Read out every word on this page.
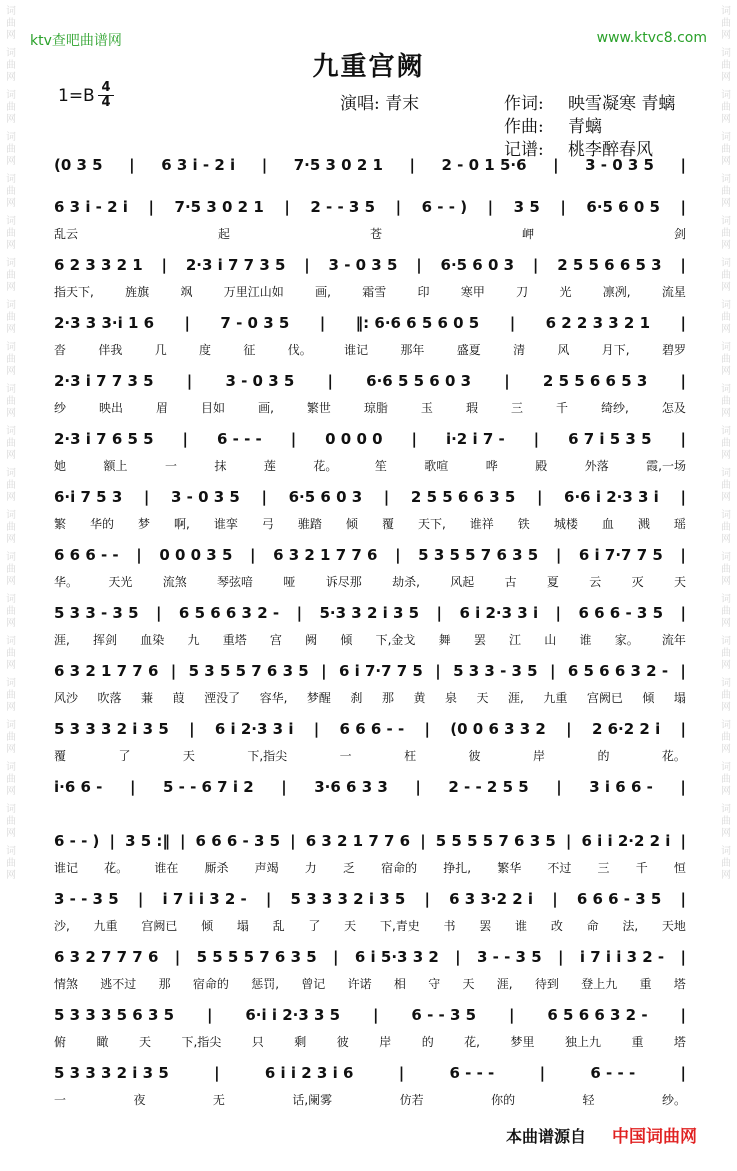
词
曲
网
词
曲
网
词
曲
网
词
曲
网
词
曲
网
词
曲
网
词
曲
网
词
曲
网
词
曲
网
词
曲
网
词
曲
网
词
曲
网
词
曲
网
词
曲
网
词
曲
网
词
曲
网
词
曲
网
词
曲
网
词
曲
网
词
曲
网
词
曲
网
词
曲
网
词
曲
网
词
曲
网
词
曲
网
词
曲
网
词
曲
网
词
曲
网
词
曲
网
词
曲
网
词
曲
网
词
曲
网
词
曲
网
词
曲
网
词
曲
网
词
曲
网
词
曲
网
词
曲
网
词
曲
网
词
曲
网
词
曲
网
词
曲
网
ktv查吧曲谱网	www.ktvc8.com
九重宫阙
1=B 4
4	演唱: 青末	作词: 映雪凝寒 青螭
作曲: 青螭
记谱: 桃李醉春风
(0 3 5 | 6 3 i - 2 i | 7·5 3 0 2 1 | 2 - 0 1 5·6 | 3 - 0 3 5 |
6 3 i - 2 i | 7·5 3 0 2 1 | 2 - - 3 5 | 6 - - ) | 3 5 | 6·5 6 0 5 |
乱云	起	苍	岬	剑
6 2 3 3 2 1 | 2·3 i 7 7 3 5 | 3 - 0 3 5 | 6·5 6 0 3 | 2 5 5 6 6 5 3 |
指天下,	旌旗	飒	万里江山如	画,	霜雪	印	寒甲	刀	光	凛冽,	流星
2·3 3 3·i 1 6 | 7 - 0 3 5 | ‖: 6·6 6 5 6 0 5 | 6 2 2 3 3 2 1 |
沓	伴我	几	度	征	伐。	谁记	那年	盛夏	清	风	月下,	碧罗
2·3 i 7 7 3 5 | 3 - 0 3 5 | 6·6 5 5 6 0 3 | 2 5 5 6 6 5 3 |
纱	映出	眉	目如	画,	繁世	琼脂	玉	瑕	三	千	绮纱,	怎及
2·3 i 7 6 5 5 | 6 - - - | 0 0 0 0 | i·2 i 7 - | 6 7 i 5 3 5 |
她	额上	一	抹	莲	花。	笙	歌喧	哗	殿	外落	霞,一场
6·i 7 5 3 | 3 - 0 3 5 | 6·5 6 0 3 | 2 5 5 6 6 3 5 | 6·6 i 2·3 3 i |
繁 华的 梦 啊, 谁挛 弓 骓踏 倾 覆 天下, 谁祥 铁 城楼 血 溅 瑶
6 6 6 - - | 0 0 0 3 5 | 6 3 2 1 7 7 6 | 5 3 5 5 7 6 3 5 | 6 i 7·7 7 5 |
华。	天光	流煞	琴弦喑	哑	诉尽那	劫杀,	风起	古	夏	云	灭	天
5 3 3 - 3 5 | 6 5 6 6 3 2 - | 5·3 3 2 i 3 5 | 6 i 2·3 3 i | 6 6 6 - 3 5 |
涯, 挥剑 血染 九 重塔 宫 阙 倾 下,金戈 舞 罢 江 山 谁 家。 流年
6 3 2 1 7 7 6 | 5 3 5 5 7 6 3 5 | 6 i 7·7 7 5 | 5 3 3 - 3 5 | 6 5 6 6 3 2 - |
风沙 吹落 蒹 葭 湮没了 容华, 梦醒 刹 那 黄 泉 天 涯, 九重 宫阙已 倾 塌
5 3 3 3 2 i 3 5 | 6 i 2·3 3 i | 6 6 6 - - | (0 0 6 3 3 2 | 2 6·2 2 i |
覆	了	天	下,指尖	一	枉	彼	岸	的	花。
i·6 6 - | 5 - - 6 7 i 2 | 3·6 6 3 3 | 2 - - 2 5 5 | 3 i 6 6 - |
6 - - ) | 3 5 :‖ | 6 6 6 - 3 5 | 6 3 2 1 7 7 6 | 5 5 5 5 7 6 3 5 | 6 i i 2·2 2 i |
谁记 花。 谁在 厮杀 声竭 力 乏 宿命的 挣扎, 繁华 不过 三 千 恒
3 - - 3 5 | i 7 i i 3 2 - | 5 3 3 3 2 i 3 5 | 6 3 3·2 2 i | 6 6 6 - 3 5 |
沙, 九重 宫阙已 倾 塌 乱 了 天 下,青史 书 罢 谁 改 命 法, 天地
6 3 2 7 7 7 6 | 5 5 5 5 7 6 3 5 | 6 i 5·3 3 2 | 3 - - 3 5 | i 7 i i 3 2 - |
情煞 逃不过 那 宿命的 惩罚, 曾记 许诺 相 守 天 涯, 待到 登上九 重 塔
5 3 3 3 5 6 3 5 | 6·i i 2·3 3 5 | 6 - - 3 5 | 6 5 6 6 3 2 - |
俯	瞰	天	下,指尖	只	剩	彼	岸	的	花,	梦里	独上九	重	塔
5 3 3 3 2 i 3 5	|	6 i i 2 3 i 6	|	6 - - -	|	6 - - -	|
一	夜	无	话,阑雾	仿若	你的	轻	纱。
本曲谱源自 中国词曲网
